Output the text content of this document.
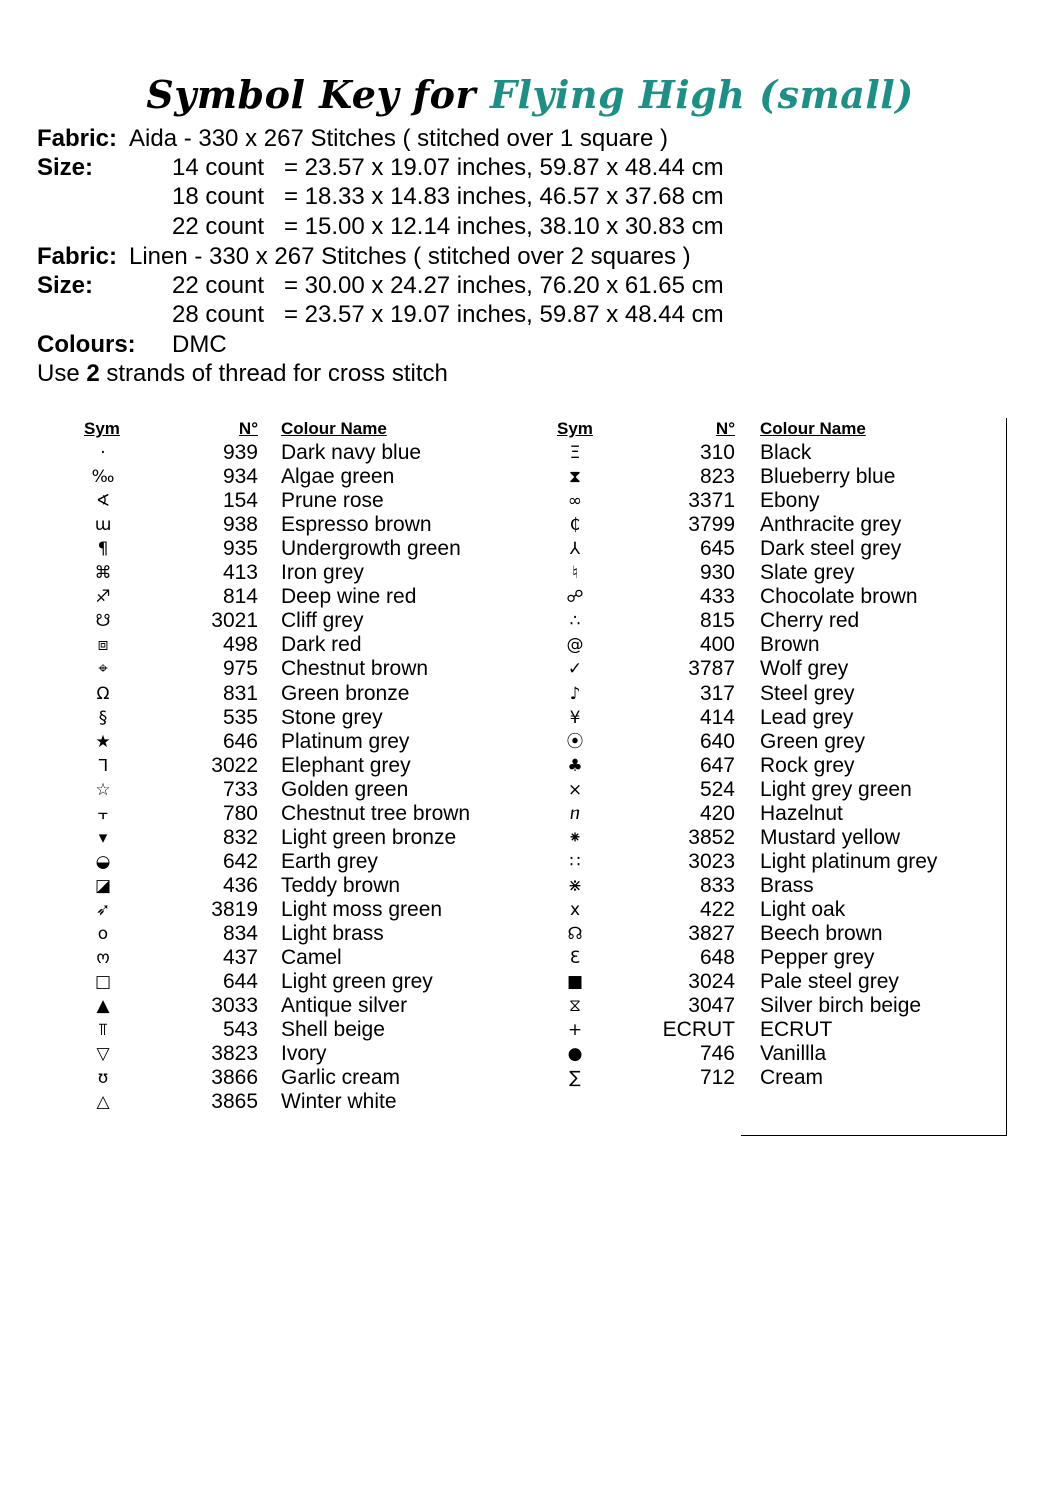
Symbol Key for Flying High (small)
Fabric: Aida - 330 x 267 Stitches ( stitched over 1 square )
Size:	14 count = 23.57 x 19.07 inches, 59.87 x 48.44 cm
18 count = 18.33 x 14.83 inches, 46.57 x 37.68 cm
22 count = 15.00 x 12.14 inches, 38.10 x 30.83 cm
Fabric: Linen - 330 x 267 Stitches ( stitched over 2 squares )
Size:	22 count = 30.00 x 24.27 inches, 76.20 x 61.65 cm
28 count = 23.57 x 19.07 inches, 59.87 x 48.44 cm
Colours: DMC
Use 2 strands of thread for cross stitch
Sym	N° Colour Name	Sym	N° Colour Name
·	939 Dark navy blue
‰	934 Algae green
∢	154 Prune rose
ɯ	938 Espresso brown
¶	935 Undergrowth green
⌘	413 Iron grey
♐	814 Deep wine red
☋	3021 Cliff grey
⧈	498 Dark red
⌖	975 Chestnut brown
Ω	831 Green bronze
§	535 Stone grey
★	646 Platinum grey
ᒣ	3022 Elephant grey
☆	733 Golden green
⫟	780 Chestnut tree brown
▾	832 Light green bronze
◒	642 Earth grey
◪	436 Teddy brown
➶	3819 Light moss green
o	834 Light brass
ო	437 Camel
□	644 Light green grey
▲	3033 Antique silver
⫪	543 Shell beige
▽	3823 Ivory
ʊ	3866 Garlic cream
△	3865 Winter white
Ξ	310 Black
⧗	823 Blueberry blue
∞	3371 Ebony
₵	3799 Anthracite grey
⅄	645 Dark steel grey
♮	930 Slate grey
☍	433 Chocolate brown
∴	815 Cherry red
@	400 Brown
✓	3787 Wolf grey
♪	317 Steel grey
¥	414 Lead grey
⦿	640 Green grey
♣	647 Rock grey
⨯	524 Light grey green
ⴖ	420 Hazelnut
⁕	3852 Mustard yellow
∷	3023 Light platinum grey
⋇	833 Brass
x	422 Light oak
☊	3827 Beech brown
Ɛ	648 Pepper grey
■	3024 Pale steel grey
⧖	3047 Silver birch beige
+	ECRUT ECRUT
●	746 Vanillla
∑	712 Cream
